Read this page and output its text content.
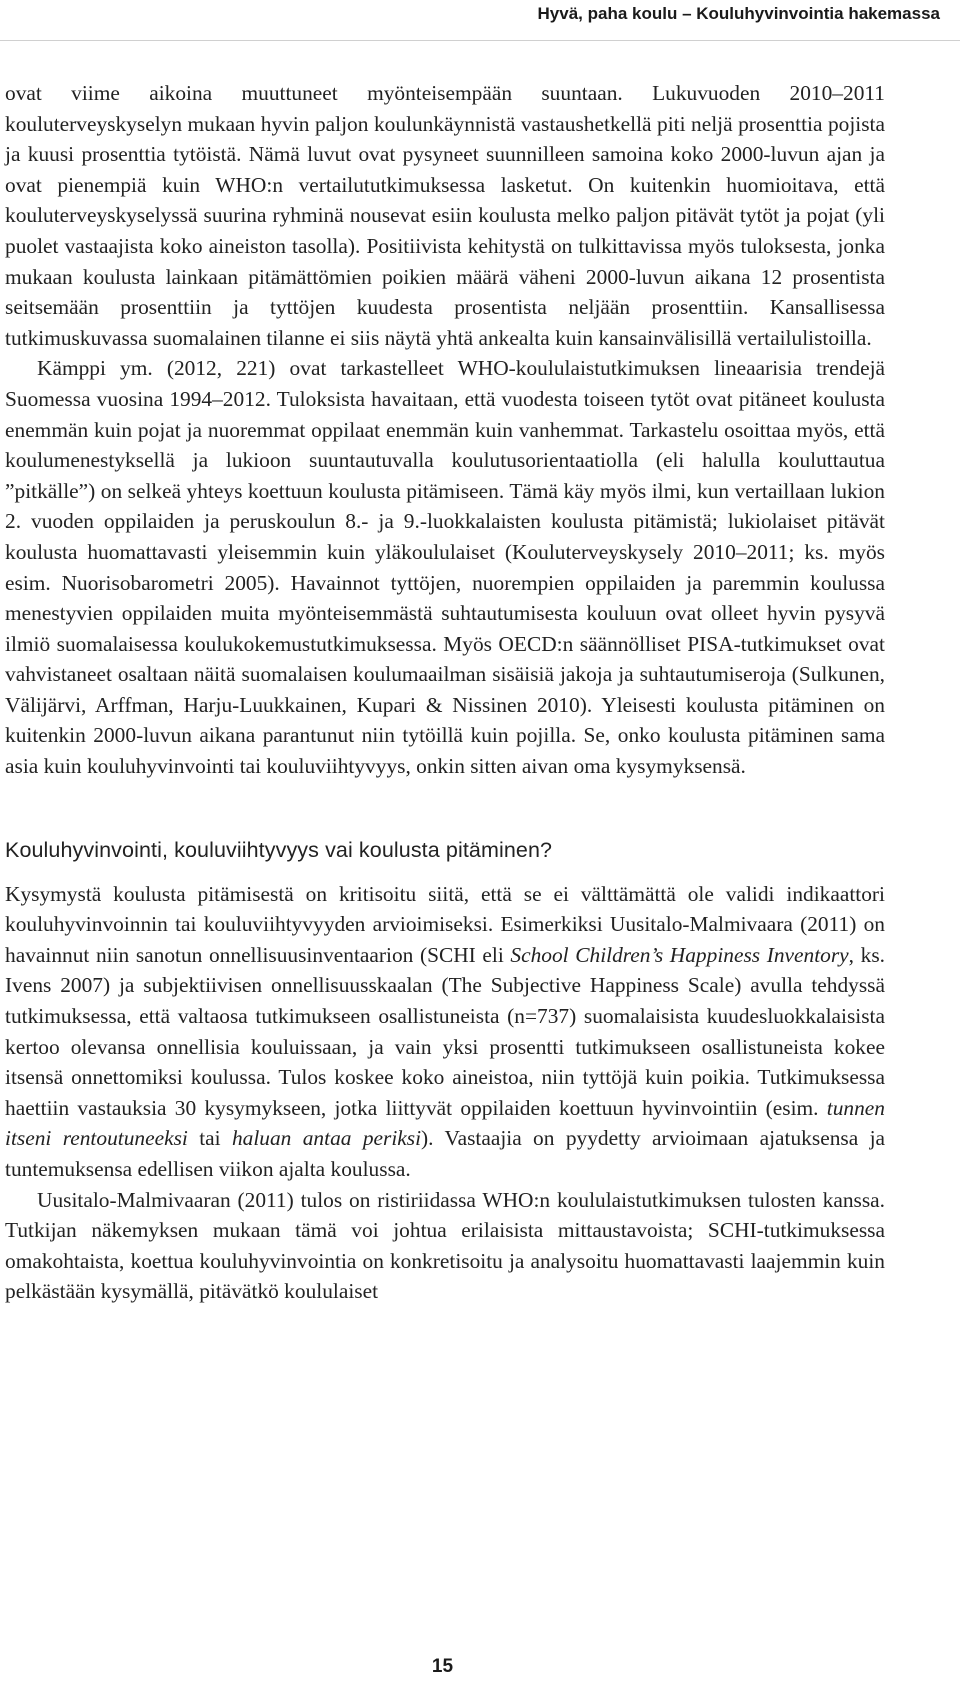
Hyvä, paha koulu – Kouluhyvinvointia hakemassa

ovat viime aikoina muuttuneet myönteisempään suuntaan. Lukuvuoden 2010–2011 kouluterveyskyselyn mukaan hyvin paljon koulunkäynnistä vastaushetkellä piti neljä prosenttia pojista ja kuusi prosenttia tytöistä. Nämä luvut ovat pysyneet suunnilleen samoina koko 2000-luvun ajan ja ovat pienempiä kuin WHO:n vertailututkimuksessa lasketut. On kuitenkin huomioitava, että kouluterveyskyselyssä suurina ryhminä nousevat esiin koulusta melko paljon pitävät tytöt ja pojat (yli puolet vastaajista koko aineiston tasolla). Positiivista kehitystä on tulkittavissa myös tuloksesta, jonka mukaan koulusta lainkaan pitämättömien poikien määrä väheni 2000-luvun aikana 12 prosentista seitsemään prosenttiin ja tyttöjen kuudesta prosentista neljään prosenttiin. Kansallisessa tutkimuskuvassa suomalainen tilanne ei siis näytä yhtä ankealta kuin kansainvälisillä vertailulistoilla.

Kämppi ym. (2012, 221) ovat tarkastelleet WHO-koululaistutkimuksen lineaarisia trendejä Suomessa vuosina 1994–2012. Tuloksista havaitaan, että vuodesta toiseen tytöt ovat pitäneet koulusta enemmän kuin pojat ja nuoremmat oppilaat enemmän kuin vanhemmat. Tarkastelu osoittaa myös, että koulumenestyksellä ja lukioon suuntautuvalla koulutusorientaatiolla (eli halulla kouluttautua ”pitkälle”) on selkeä yhteys koettuun koulusta pitämiseen. Tämä käy myös ilmi, kun vertaillaan lukion 2. vuoden oppilaiden ja peruskoulun 8.- ja 9.-luokkalaisten koulusta pitämistä; lukiolaiset pitävät koulusta huomattavasti yleisemmin kuin yläkoululaiset (Kouluterveyskysely 2010–2011; ks. myös esim. Nuorisobarometri 2005). Havainnot tyttöjen, nuorempien oppilaiden ja paremmin koulussa menestyvien oppilaiden muita myönteisemmästä suhtautumisesta kouluun ovat olleet hyvin pysyvä ilmiö suomalaisessa koulukokemustutkimuksessa. Myös OECD:n säännölliset PISA-tutkimukset ovat vahvistaneet osaltaan näitä suomalaisen koulumaailman sisäisiä jakoja ja suhtautumiseroja (Sulkunen, Välijärvi, Arffman, Harju-Luukkainen, Kupari & Nissinen 2010). Yleisesti koulusta pitäminen on kuitenkin 2000-luvun aikana parantunut niin tytöillä kuin pojilla. Se, onko koulusta pitäminen sama asia kuin kouluhyvinvointi tai kouluviihtyvyys, onkin sitten aivan oma kysymyksensä.

Kouluhyvinvointi, kouluviihtyvyys vai koulusta pitäminen?

Kysymystä koulusta pitämisestä on kritisoitu siitä, että se ei välttämättä ole validi indikaattori kouluhyvinvoinnin tai kouluviihtyvyyden arvioimiseksi. Esimerkiksi Uusitalo-Malmivaara (2011) on havainnut niin sanotun onnellisuusinventaarion (SCHI eli School Children’s Happiness Inventory, ks. Ivens 2007) ja subjektiivisen onnellisuusskaalan (The Subjective Happiness Scale) avulla tehdyssä tutkimuksessa, että valtaosa tutkimukseen osallistuneista (n=737) suomalaisista kuudesluokkalaisista kertoo olevansa onnellisia kouluissaan, ja vain yksi prosentti tutkimukseen osallistuneista kokee itsensä onnettomiksi koulussa. Tulos koskee koko aineistoa, niin tyttöjä kuin poikia. Tutkimuksessa haettiin vastauksia 30 kysymykseen, jotka liittyvät oppilaiden koettuun hyvinvointiin (esim. tunnen itseni rentoutuneeksi tai haluan antaa periksi). Vastaajia on pyydetty arvioimaan ajatuksensa ja tuntemuksensa edellisen viikon ajalta koulussa.

Uusitalo-Malmivaaran (2011) tulos on ristiriidassa WHO:n koululaistutkimuksen tulosten kanssa. Tutkijan näkemyksen mukaan tämä voi johtua erilaisista mittaustavoista; SCHI-tutkimuksessa omakohtaista, koettua kouluhyvinvointia on konkretisoitu ja analysoitu huomattavasti laajemmin kuin pelkästään kysymällä, pitävätkö koululaiset

15
